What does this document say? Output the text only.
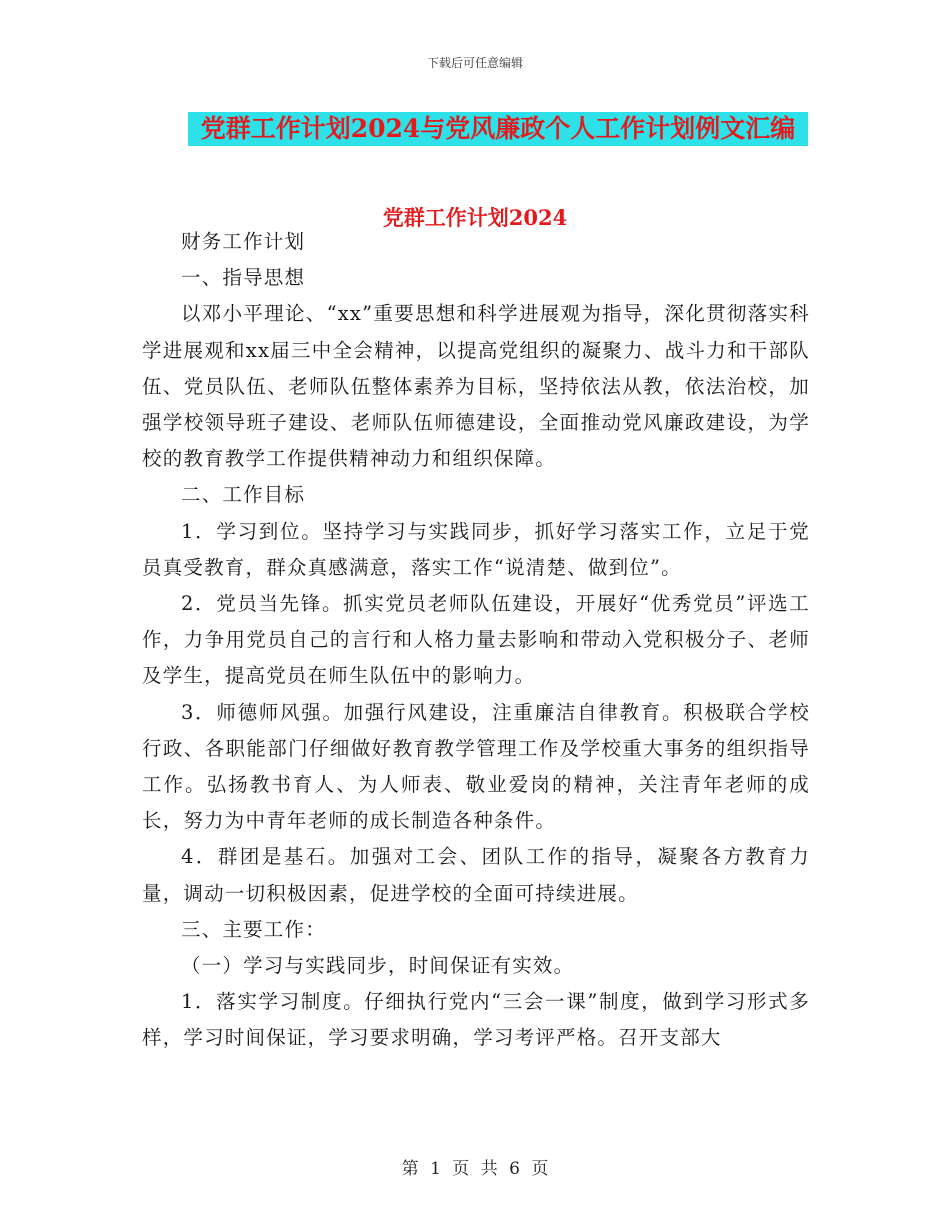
下载后可任意编辑
党群工作计划2024与党风廉政个人工作计划例文汇编
党群工作计划2024

财务工作计划

一、指导思想

以邓小平理论、“xx”重要思想和科学进展观为指导，深化贯彻落实科学进展观和xx届三中全会精神，以提高党组织的凝聚力、战斗力和干部队伍、党员队伍、老师队伍整体素养为目标，坚持依法从教，依法治校，加强学校领导班子建设、老师队伍师德建设，全面推动党风廉政建设，为学校的教育教学工作提供精神动力和组织保障。

二、工作目标

1．学习到位。坚持学习与实践同步，抓好学习落实工作，立足于党员真受教育，群众真感满意，落实工作“说清楚、做到位”。

2．党员当先锋。抓实党员老师队伍建设，开展好“优秀党员”评选工作，力争用党员自己的言行和人格力量去影响和带动入党积极分子、老师及学生，提高党员在师生队伍中的影响力。

3．师德师风强。加强行风建设，注重廉洁自律教育。积极联合学校行政、各职能部门仔细做好教育教学管理工作及学校重大事务的组织指导工作。弘扬教书育人、为人师表、敬业爱岗的精神，关注青年老师的成长，努力为中青年老师的成长制造各种条件。

4．群团是基石。加强对工会、团队工作的指导，凝聚各方教育力量，调动一切积极因素，促进学校的全面可持续进展。

三、主要工作：

（一）学习与实践同步，时间保证有实效。

1．落实学习制度。仔细执行党内“三会一课”制度，做到学习形式多样，学习时间保证，学习要求明确，学习考评严格。召开支部大

第 1 页 共 6 页
